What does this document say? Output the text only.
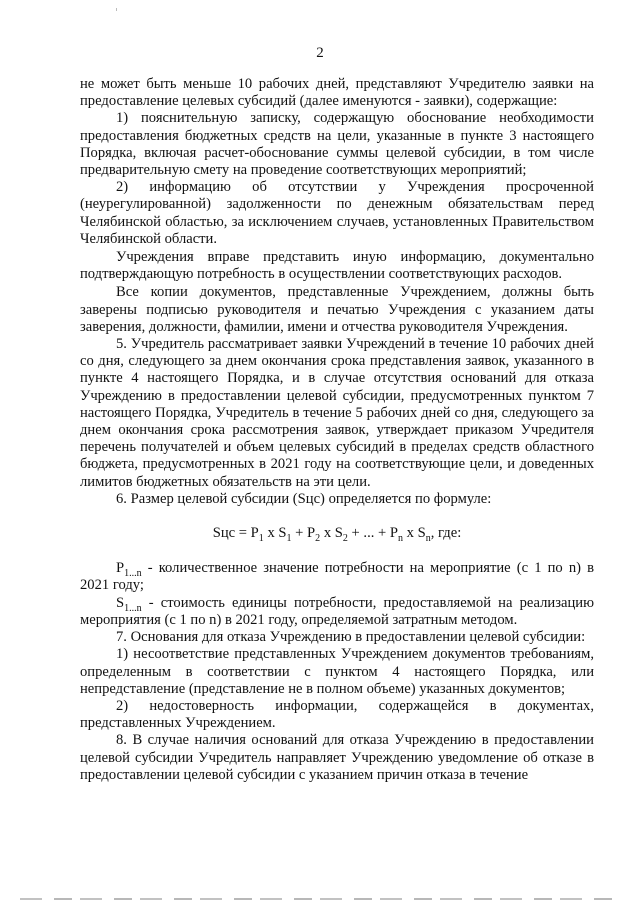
2

не может быть меньше 10 рабочих дней, представляют Учредителю заявки на предоставление целевых субсидий (далее именуются - заявки), содержащие:

1) пояснительную записку, содержащую обоснование необходимости предоставления бюджетных средств на цели, указанные в пункте 3 настоящего Порядка, включая расчет-обоснование суммы целевой субсидии, в том числе предварительную смету на проведение соответствующих мероприятий;

2) информацию об отсутствии у Учреждения просроченной (неурегулированной) задолженности по денежным обязательствам перед Челябинской областью, за исключением случаев, установленных Правительством Челябинской области.

Учреждения вправе представить иную информацию, документально подтверждающую потребность в осуществлении соответствующих расходов.

Все копии документов, представленные Учреждением, должны быть заверены подписью руководителя и печатью Учреждения с указанием даты заверения, должности, фамилии, имени и отчества руководителя Учреждения.

5. Учредитель рассматривает заявки Учреждений в течение 10 рабочих дней со дня, следующего за днем окончания срока представления заявок, указанного в пункте 4 настоящего Порядка, и в случае отсутствия оснований для отказа Учреждению в предоставлении целевой субсидии, предусмотренных пунктом 7 настоящего Порядка, Учредитель в течение 5 рабочих дней со дня, следующего за днем окончания срока рассмотрения заявок, утверждает приказом Учредителя перечень получателей и объем целевых субсидий в пределах средств областного бюджета, предусмотренных в 2021 году на соответствующие цели, и доведенных лимитов бюджетных обязательств на эти цели.

6. Размер целевой субсидии (Sцс) определяется по формуле:

Sцс = $P_1$ x $S_1 + P_2$ x $S_2$ + ... + $P_n$ x $S_n$, где:

$P_{1...n}$ - количественное значение потребности на мероприятие (с 1 по n) в 2021 году;

$S_{1...n}$ - стоимость единицы потребности, предоставляемой на реализацию мероприятия (с 1 по n) в 2021 году, определяемой затратным методом.

7. Основания для отказа Учреждению в предоставлении целевой субсидии:

1) несоответствие представленных Учреждением документов требованиям, определенным в соответствии с пунктом 4 настоящего Порядка, или непредставление (представление не в полном объеме) указанных документов;

2) недостоверность информации, содержащейся в документах, представленных Учреждением.

8. В случае наличия оснований для отказа Учреждению в предоставлении целевой субсидии Учредитель направляет Учреждению уведомление об отказе в предоставлении целевой субсидии с указанием причин отказа в течение
